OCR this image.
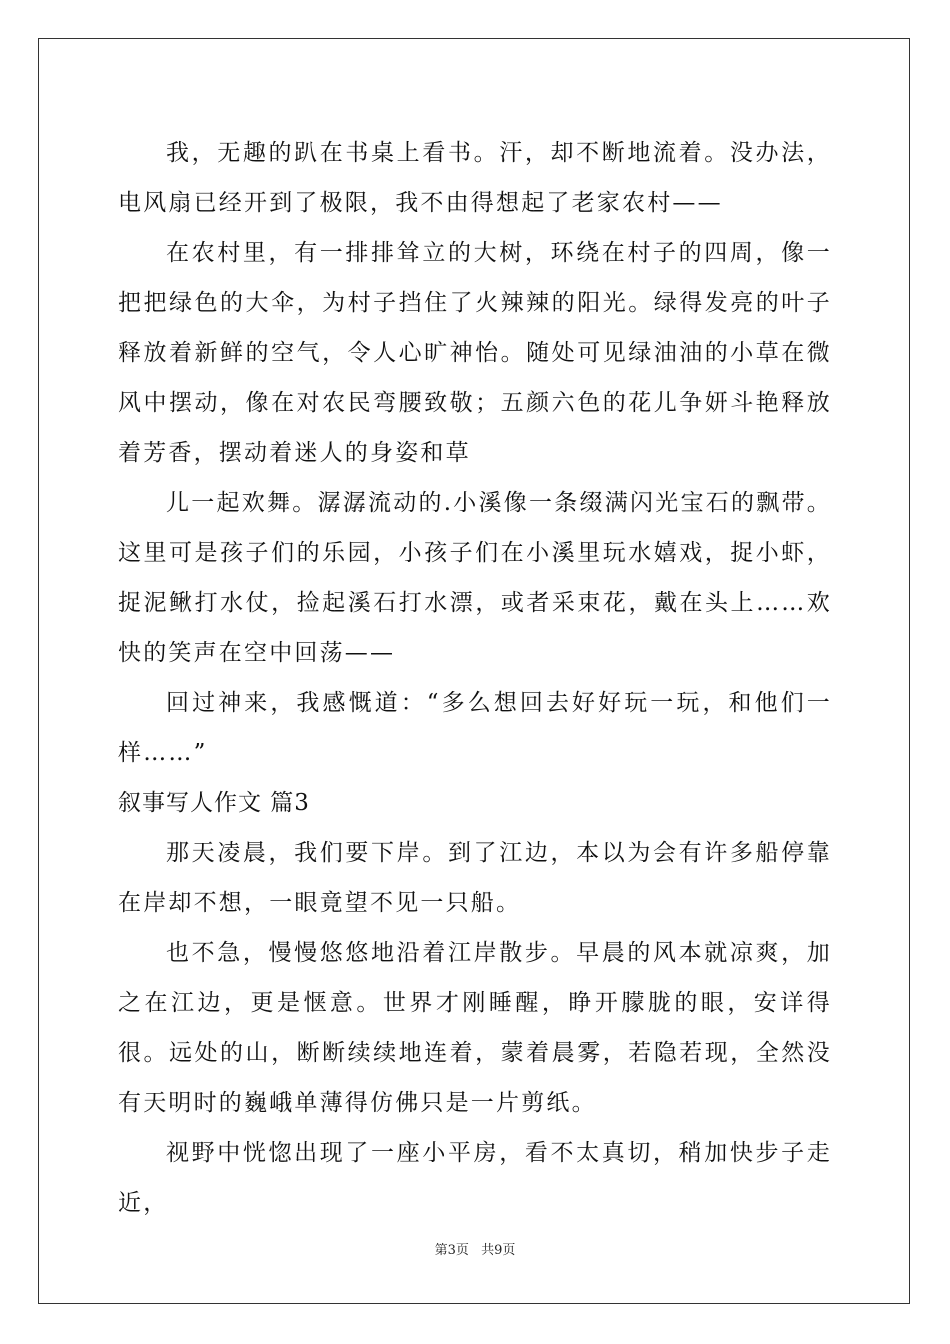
我，无趣的趴在书桌上看书。汗，却不断地流着。没办法，电风扇已经开到了极限，我不由得想起了老家农村——

在农村里，有一排排耸立的大树，环绕在村子的四周，像一把把绿色的大伞，为村子挡住了火辣辣的阳光。绿得发亮的叶子释放着新鲜的空气，令人心旷神怡。随处可见绿油油的小草在微风中摆动，像在对农民弯腰致敬；五颜六色的花儿争妍斗艳释放着芳香，摆动着迷人的身姿和草

儿一起欢舞。潺潺流动的.小溪像一条缀满闪光宝石的飘带。这里可是孩子们的乐园，小孩子们在小溪里玩水嬉戏，捉小虾，捉泥鳅打水仗，捡起溪石打水漂，或者采束花，戴在头上……欢快的笑声在空中回荡——

回过神来，我感慨道：“多么想回去好好玩一玩，和他们一样……”

叙事写人作文 篇3

那天凌晨，我们要下岸。到了江边，本以为会有许多船停靠在岸却不想，一眼竟望不见一只船。

也不急，慢慢悠悠地沿着江岸散步。早晨的风本就凉爽，加之在江边，更是惬意。世界才刚睡醒，睁开朦胧的眼，安详得很。远处的山，断断续续地连着，蒙着晨雾，若隐若现，全然没有天明时的巍峨单薄得仿佛只是一片剪纸。

视野中恍惚出现了一座小平房，看不太真切，稍加快步子走近，

第3页 共9页
